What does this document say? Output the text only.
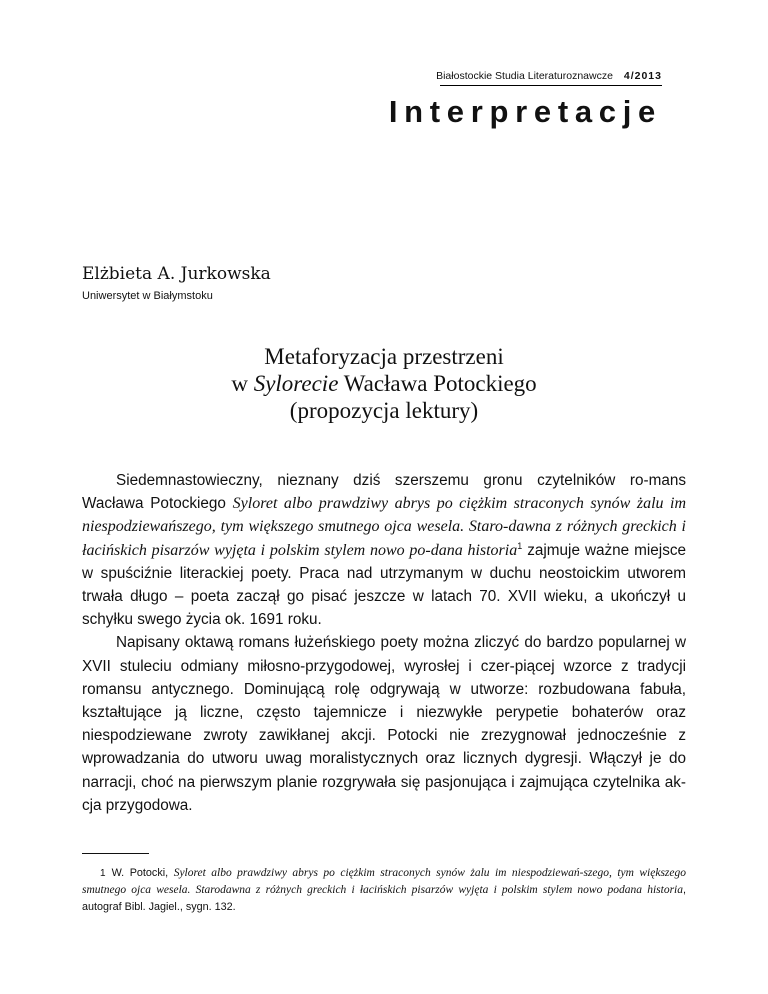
Białostockie Studia Literaturoznawcze 4/2013
Interpretacje
Elżbieta A. Jurkowska
Uniwersytet w Białymstoku
Metaforyzacja przestrzeni
w Sylorecie Wacława Potockiego
(propozycja lektury)

Siedemnastowieczny, nieznany dziś szerszemu gronu czytelników ro-mans Wacława Potockiego Syloret albo prawdziwy abrys po ciężkim straconych synów żalu im niespodziewańszego, tym większego smutnego ojca wesela. Staro-dawna z różnych greckich i łacińskich pisarzów wyjęta i polskim stylem nowo po-dana historia$^1$ zajmuje ważne miejsce w spuściźnie literackiej poety. Praca nad utrzymanym w duchu neostoickim utworem trwała długo – poeta zaczął go pisać jeszcze w latach 70. XVII wieku, a ukończył u schyłku swego życia ok. 1691 roku.

Napisany oktawą romans łużeńskiego poety można zliczyć do bardzo popularnej w XVII stuleciu odmiany miłosno-przygodowej, wyrosłej i czer-piącej wzorce z tradycji romansu antycznego. Dominującą rolę odgrywają w utworze: rozbudowana fabuła, kształtujące ją liczne, często tajemnicze i niezwykłe perypetie bohaterów oraz niespodziewane zwroty zawikłanej akcji. Potocki nie zrezygnował jednocześnie z wprowadzania do utworu uwag moralistycznych oraz licznych dygresji. Włączył je do narracji, choć na pierwszym planie rozgrywała się pasjonująca i zajmująca czytelnika ak-cja przygodowa.

1 W. Potocki, Syloret albo prawdziwy abrys po ciężkim straconych synów żalu im niespodziewań-szego, tym większego smutnego ojca wesela. Starodawna z różnych greckich i łacińskich pisarzów wyjęta i polskim stylem nowo podana historia, autograf Bibl. Jagiel., sygn. 132.
